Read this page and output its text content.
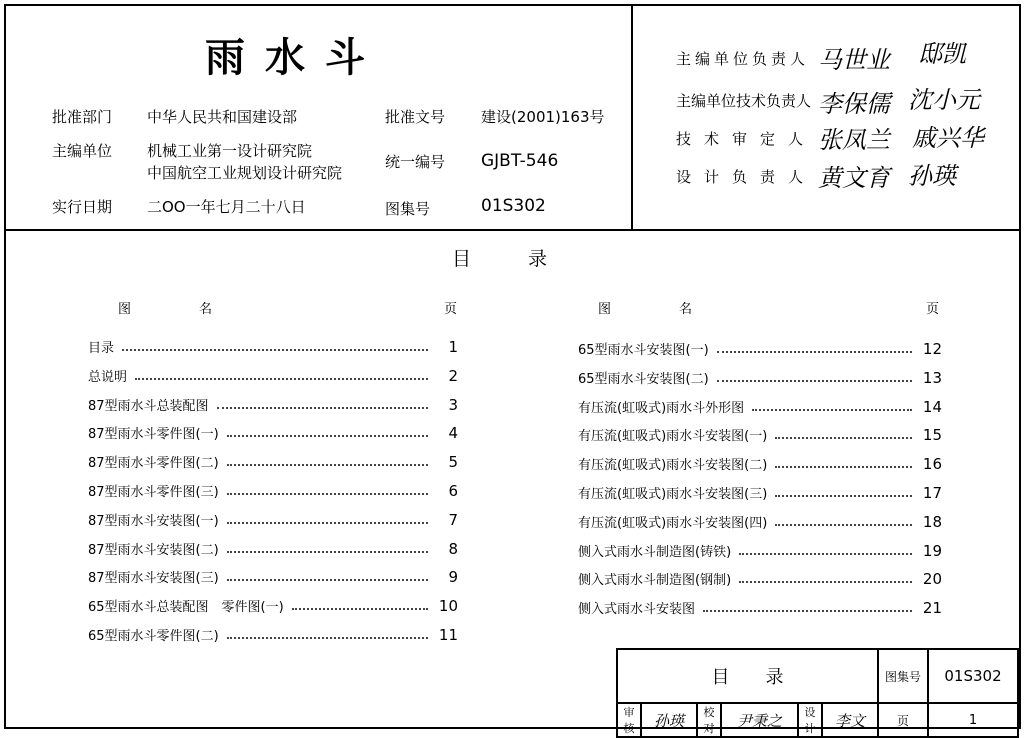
雨水斗
批准部门 中华人民共和国建设部	批准文号 建设(2001)163号
主编单位 机械工业第一设计研究院
中国航空工业规划设计研究院
统一编号 GJBT-546
实行日期 二OO一年七月二十八日	图集号	01S302
主编单位负责人 马世业 邸凯
主编单位技术负责人 李保儒 沈小元
技术审定人 张凤兰 戚兴华
设计负责人 黄文育 孙瑛
目　　　录
图　　名	页	图　　名	页
目录	1
总说明	2
87型雨水斗总装配图	3
87型雨水斗零件图(一)	4
87型雨水斗零件图(二)	5
87型雨水斗零件图(三)	6
87型雨水斗安装图(一)	7
87型雨水斗安装图(二)	8
87型雨水斗安装图(三)	9
65型雨水斗总装配图　零件图(一)	10
65型雨水斗零件图(二)	11
65型雨水斗安装图(一)	12
65型雨水斗安装图(二)	13
有压流(虹吸式)雨水斗外形图	14
有压流(虹吸式)雨水斗安装图(一)	15
有压流(虹吸式)雨水斗安装图(二)	16
有压流(虹吸式)雨水斗安装图(三)	17
有压流(虹吸式)雨水斗安装图(四)	18
侧入式雨水斗制造图(铸铁)	19
侧入式雨水斗制造图(钢制)	20
侧入式雨水斗安装图	21
目　　录						图集号	01S302
审核	孙瑛	校对	尹秉之	设计	李文	页	1
